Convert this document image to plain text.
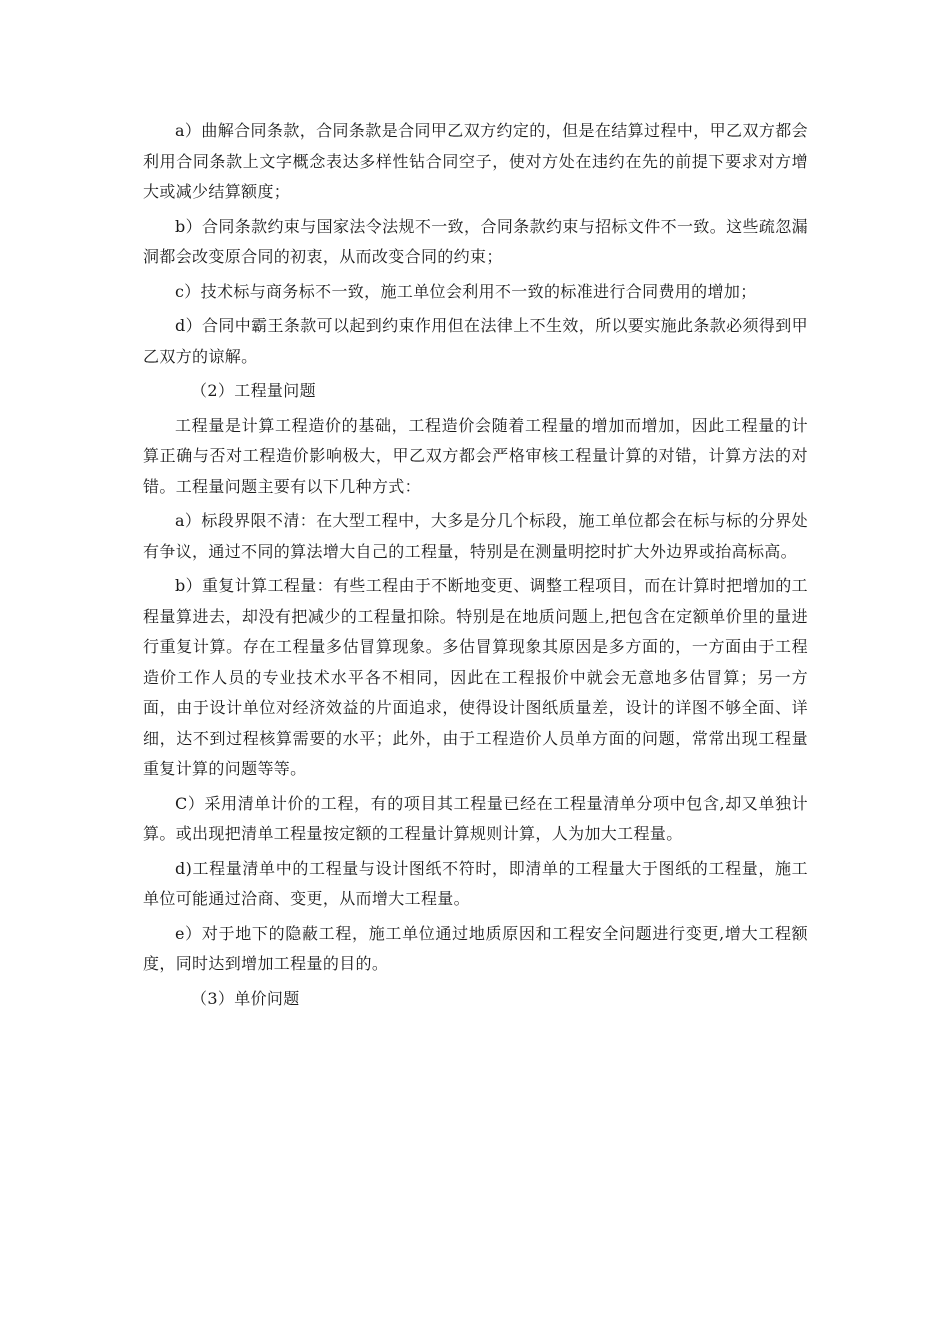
a）曲解合同条款，合同条款是合同甲乙双方约定的，但是在结算过程中，甲乙双方都会利用合同条款上文字概念表达多样性钻合同空子，使对方处在违约在先的前提下要求对方增大或减少结算额度；

b）合同条款约束与国家法令法规不一致，合同条款约束与招标文件不一致。这些疏忽漏洞都会改变原合同的初衷，从而改变合同的约束；

c）技术标与商务标不一致，施工单位会利用不一致的标准进行合同费用的增加；

d）合同中霸王条款可以起到约束作用但在法律上不生效，所以要实施此条款必须得到甲乙双方的谅解。

（2）工程量问题

工程量是计算工程造价的基础，工程造价会随着工程量的增加而增加，因此工程量的计算正确与否对工程造价影响极大，甲乙双方都会严格审核工程量计算的对错，计算方法的对错。工程量问题主要有以下几种方式：

a）标段界限不清：在大型工程中，大多是分几个标段，施工单位都会在标与标的分界处有争议，通过不同的算法增大自己的工程量，特别是在测量明挖时扩大外边界或抬高标高。

b）重复计算工程量：有些工程由于不断地变更、调整工程项目，而在计算时把增加的工程量算进去，却没有把减少的工程量扣除。特别是在地质问题上,把包含在定额单价里的量进行重复计算。存在工程量多估冒算现象。多估冒算现象其原因是多方面的，一方面由于工程造价工作人员的专业技术水平各不相同，因此在工程报价中就会无意地多估冒算；另一方面，由于设计单位对经济效益的片面追求，使得设计图纸质量差，设计的详图不够全面、详细，达不到过程核算需要的水平；此外，由于工程造价人员单方面的问题，常常出现工程量重复计算的问题等等。

C）采用清单计价的工程，有的项目其工程量已经在工程量清单分项中包含,却又单独计算。或出现把清单工程量按定额的工程量计算规则计算，人为加大工程量。

d)工程量清单中的工程量与设计图纸不符时，即清单的工程量大于图纸的工程量，施工单位可能通过洽商、变更，从而增大工程量。

e）对于地下的隐蔽工程，施工单位通过地质原因和工程安全问题进行变更,增大工程额度，同时达到增加工程量的目的。

（3）单价问题
